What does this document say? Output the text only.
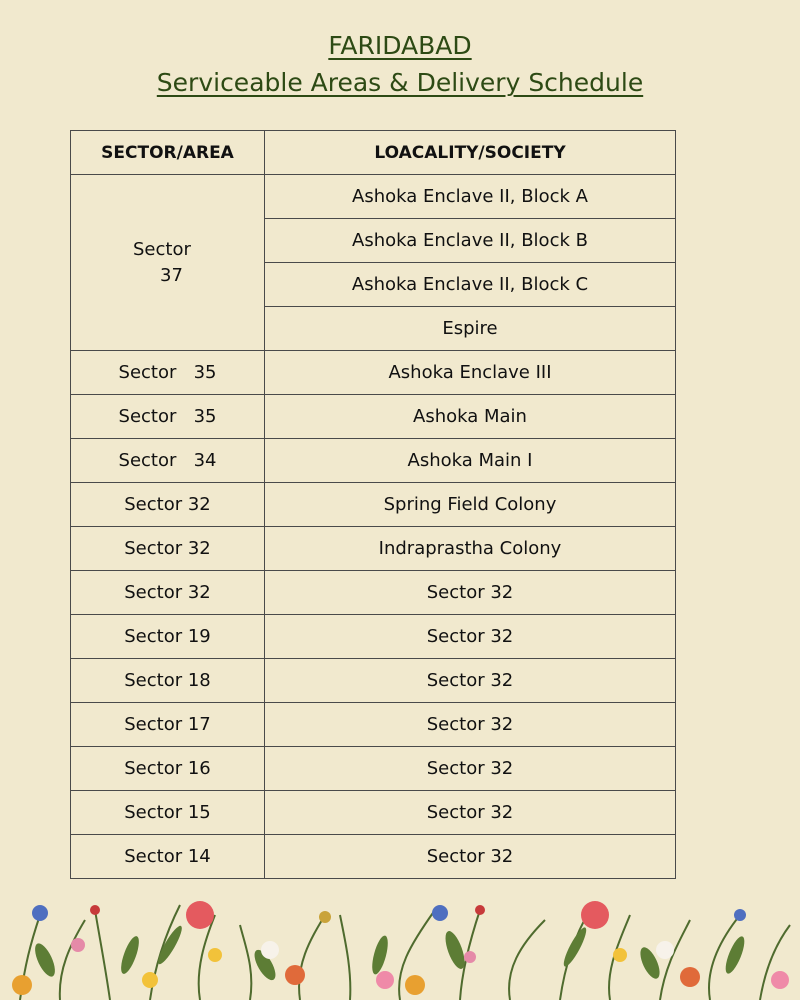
FARIDABAD
Serviceable Areas & Delivery Schedule
SECTOR/AREA	LOACALITY/SOCIETY

Sector
37	Ashoka Enclave II, Block A
	Ashoka Enclave II, Block B
	Ashoka Enclave II, Block C
	Espire
Sector   35	Ashoka Enclave III
Sector   35	Ashoka Main
Sector   34	Ashoka Main I
Sector 32	Spring Field Colony
Sector 32	Indraprastha Colony
Sector 32	Sector 32
Sector 19	Sector 32
Sector 18	Sector 32
Sector 17	Sector 32
Sector 16	Sector 32
Sector 15	Sector 32
Sector 14	Sector 32
